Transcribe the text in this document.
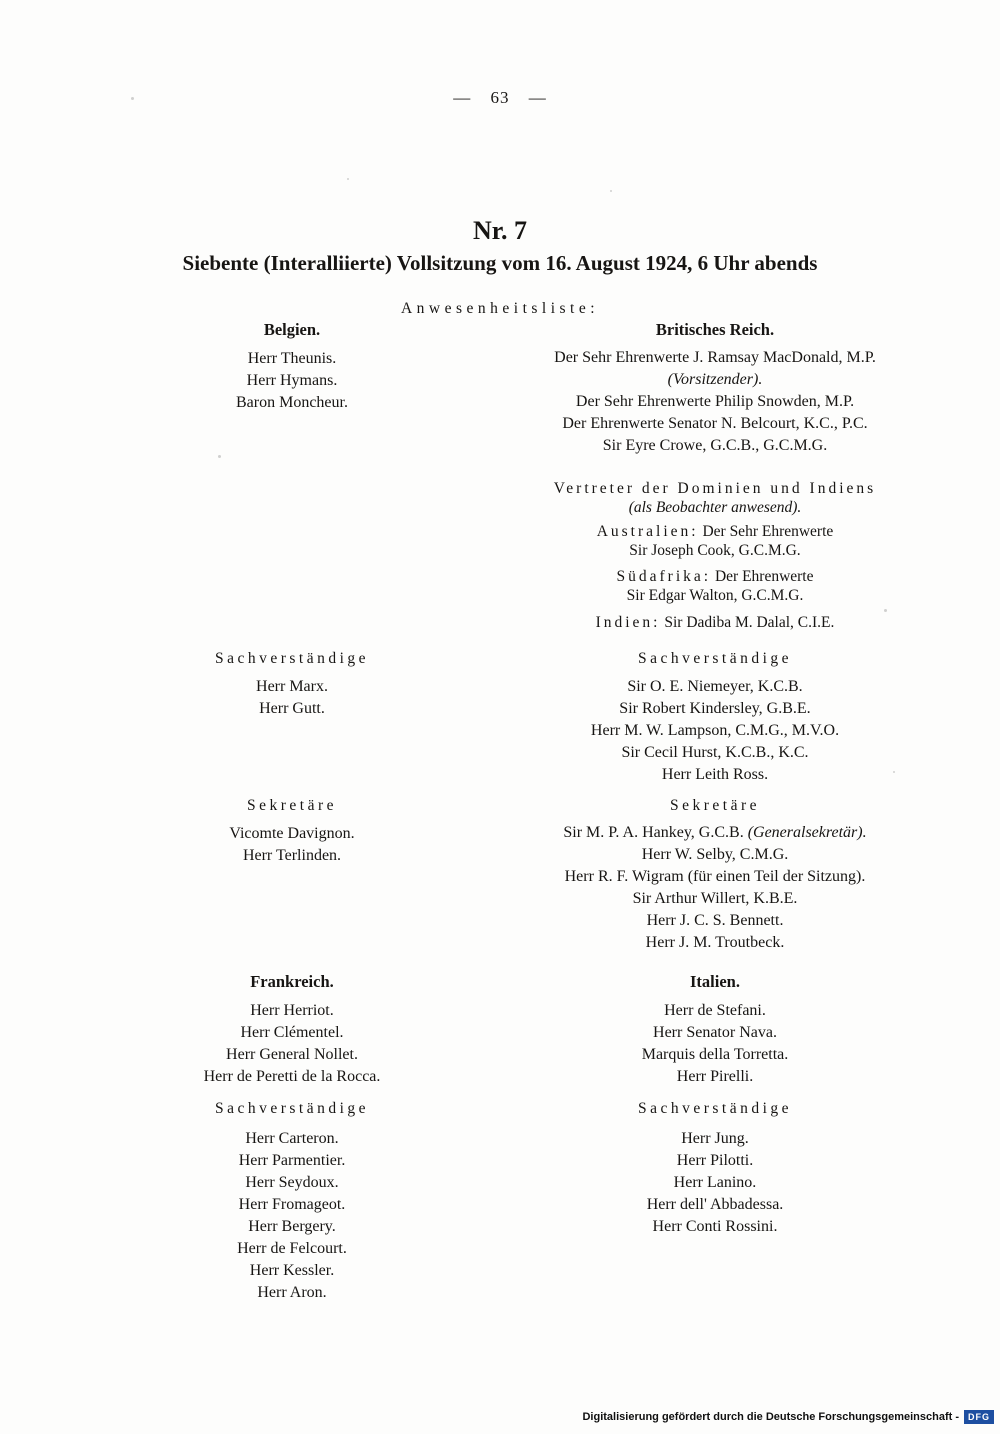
— 63 —
Nr. 7
Siebente (Interalliierte) Vollsitzung vom 16. August 1924, 6 Uhr abends
Anwesenheitsliste:
Belgien.
Herr Theunis.
Herr Hymans.
Baron Moncheur.
Sachverständige
Herr Marx.
Herr Gutt.
Sekretäre
Vicomte Davignon.
Herr Terlinden.
Frankreich.
Herr Herriot.
Herr Clémentel.
Herr General Nollet.
Herr de Peretti de la Rocca.
Sachverständige
Herr Carteron.
Herr Parmentier.
Herr Seydoux.
Herr Fromageot.
Herr Bergery.
Herr de Felcourt.
Herr Kessler.
Herr Aron.
Britisches Reich.
Der Sehr Ehrenwerte J. Ramsay MacDonald, M.P.
(Vorsitzender).
Der Sehr Ehrenwerte Philip Snowden, M.P.
Der Ehrenwerte Senator N. Belcourt, K.C., P.C.
Sir Eyre Crowe, G.C.B., G.C.M.G.
Vertreter der Dominien und Indiens
(als Beobachter anwesend).
Australien: Der Sehr Ehrenwerte
Sir Joseph Cook, G.C.M.G.
Südafrika: Der Ehrenwerte
Sir Edgar Walton, G.C.M.G.
Indien: Sir Dadiba M. Dalal, C.I.E.
Sachverständige
Sir O. E. Niemeyer, K.C.B.
Sir Robert Kindersley, G.B.E.
Herr M. W. Lampson, C.M.G., M.V.O.
Sir Cecil Hurst, K.C.B., K.C.
Herr Leith Ross.
Sekretäre
Sir M. P. A. Hankey, G.C.B. (Generalsekretär).
Herr W. Selby, C.M.G.
Herr R. F. Wigram (für einen Teil der Sitzung).
Sir Arthur Willert, K.B.E.
Herr J. C. S. Bennett.
Herr J. M. Troutbeck.
Italien.
Herr de Stefani.
Herr Senator Nava.
Marquis della Torretta.
Herr Pirelli.
Sachverständige
Herr Jung.
Herr Pilotti.
Herr Lanino.
Herr dell' Abbadessa.
Herr Conti Rossini.
Digitalisierung gefördert durch die Deutsche Forschungsgemeinschaft -	DFG
